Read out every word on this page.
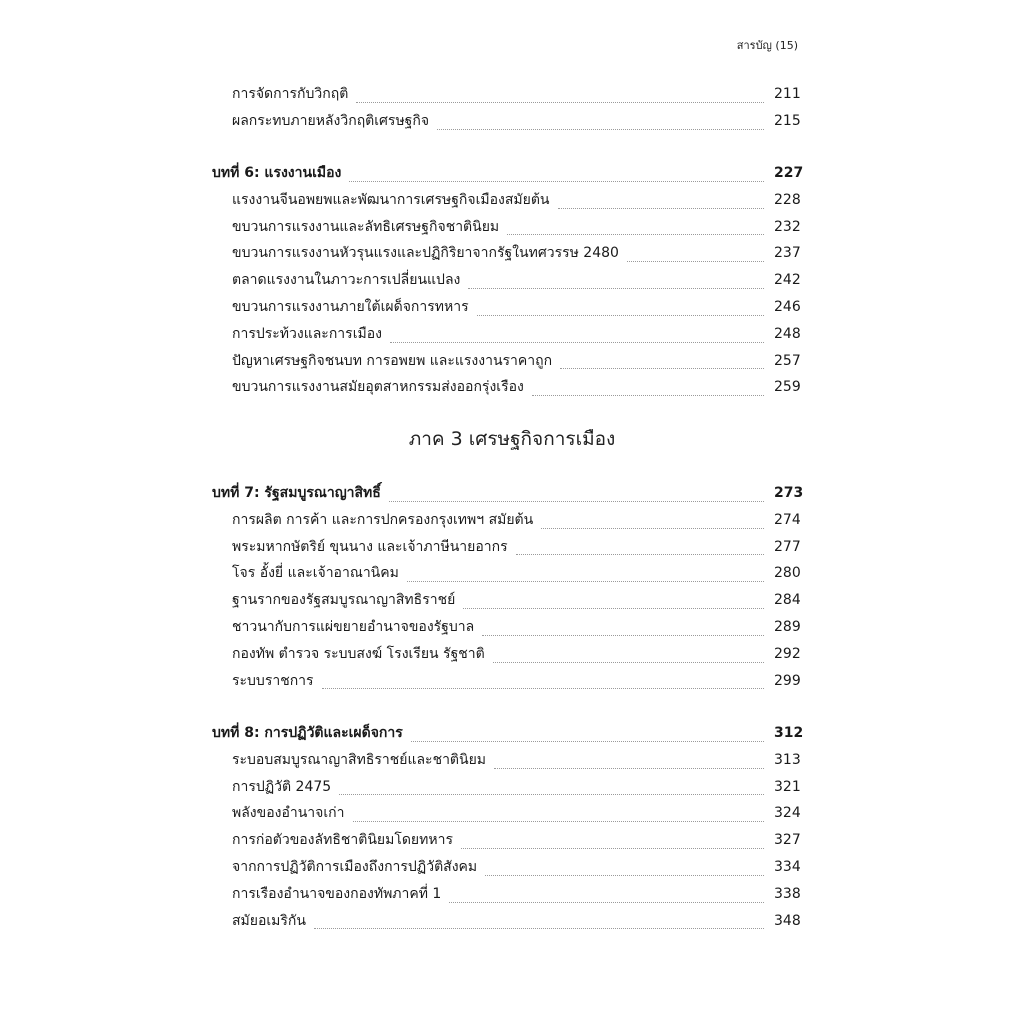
สารบัญ (15)
การจัดการกับวิกฤติ	211
ผลกระทบภายหลังวิกฤติเศรษฐกิจ	215
บทที่ 6: แรงงานเมือง	227
แรงงานจีนอพยพและพัฒนาการเศรษฐกิจเมืองสมัยต้น	228
ขบวนการแรงงานและลัทธิเศรษฐกิจชาตินิยม	232
ขบวนการแรงงานหัวรุนแรงและปฏิกิริยาจากรัฐในทศวรรษ 2480	237
ตลาดแรงงานในภาวะการเปลี่ยนแปลง	242
ขบวนการแรงงานภายใต้เผด็จการทหาร	246
การประท้วงและการเมือง	248
ปัญหาเศรษฐกิจชนบท การอพยพ และแรงงานราคาถูก	257
ขบวนการแรงงานสมัยอุตสาหกรรมส่งออกรุ่งเรือง	259
ภาค 3 เศรษฐกิจการเมือง
บทที่ 7: รัฐสมบูรณาญาสิทธิ์	273
การผลิต การค้า และการปกครองกรุงเทพฯ สมัยต้น	274
พระมหากษัตริย์ ขุนนาง และเจ้าภาษีนายอากร	277
โจร อั้งยี่ และเจ้าอาณานิคม	280
ฐานรากของรัฐสมบูรณาญาสิทธิราชย์	284
ชาวนากับการแผ่ขยายอำนาจของรัฐบาล	289
กองทัพ ตำรวจ ระบบสงฆ์ โรงเรียน รัฐชาติ	292
ระบบราชการ	299
บทที่ 8: การปฏิวัติและเผด็จการ	312
ระบอบสมบูรณาญาสิทธิราชย์และชาตินิยม	313
การปฏิวัติ 2475	321
พลังของอำนาจเก่า	324
การก่อตัวของลัทธิชาตินิยมโดยทหาร	327
จากการปฏิวัติการเมืองถึงการปฏิวัติสังคม	334
การเรืองอำนาจของกองทัพภาคที่ 1	338
สมัยอเมริกัน	348
